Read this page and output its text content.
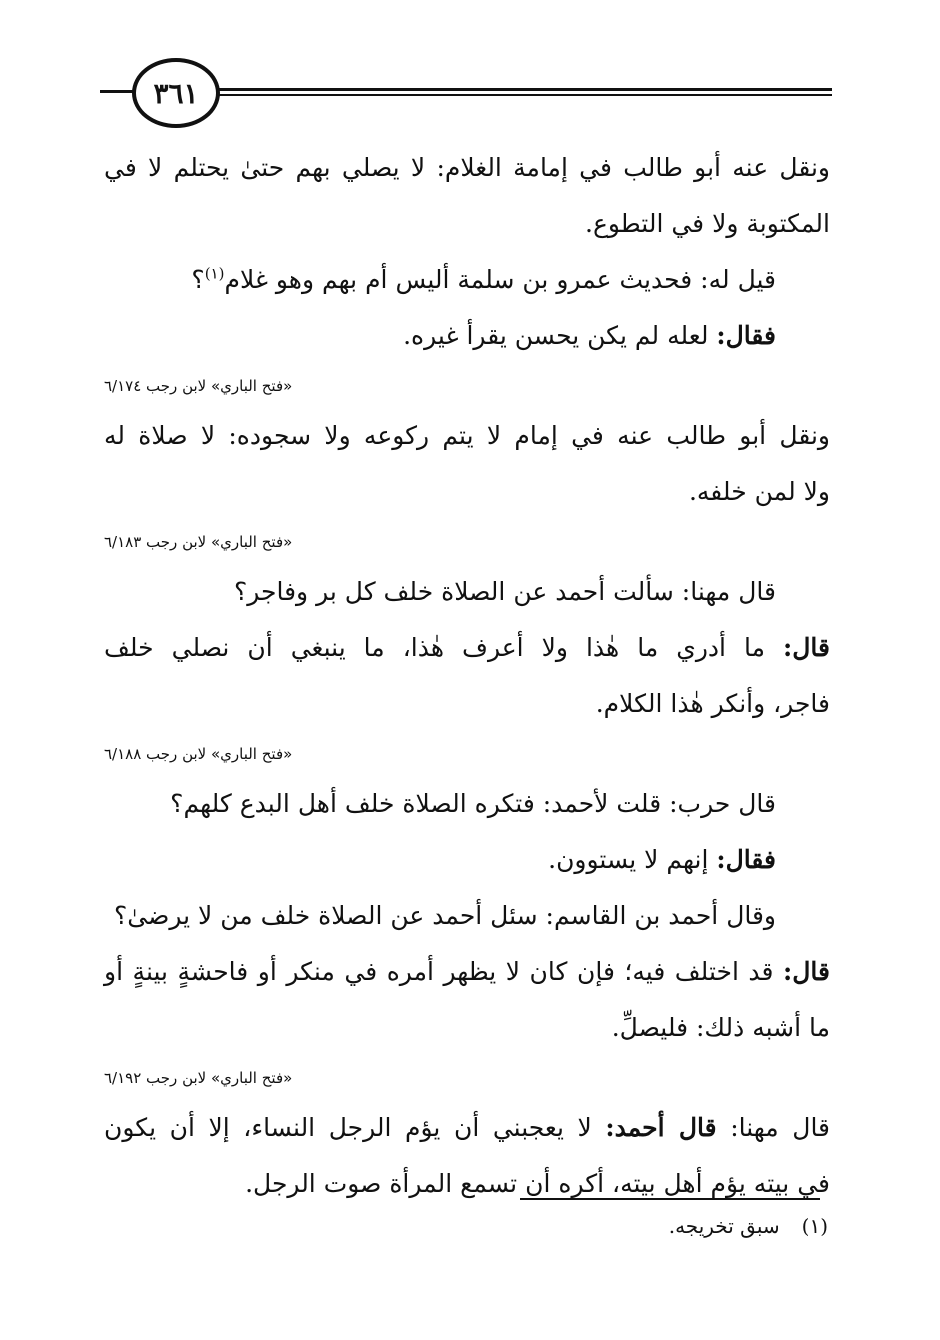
٣٦١

ونقل عنه أبو طالب في إمامة الغلام: لا يصلي بهم حتىٰ يحتلم لا في

المكتوبة ولا في التطوع.

قيل له: فحديث عمرو بن سلمة أليس أم بهم وهو غلام$^{(١)}$؟

فقال: لعله لم يكن يحسن يقرأ غيره.

«فتح الباري» لابن رجب ٦/١٧٤

ونقل أبو طالب عنه في إمام لا يتم ركوعه ولا سجوده: لا صلاة له

ولا لمن خلفه.

«فتح الباري» لابن رجب ٦/١٨٣

قال مهنا: سألت أحمد عن الصلاة خلف كل بر وفاجر؟

قال: ما أدري ما هٰذا ولا أعرف هٰذا، ما ينبغي أن نصلي خلف

فاجر، وأنكر هٰذا الكلام.

«فتح الباري» لابن رجب ٦/١٨٨

قال حرب: قلت لأحمد: فتكره الصلاة خلف أهل البدع كلهم؟

فقال: إنهم لا يستوون.

وقال أحمد بن القاسم: سئل أحمد عن الصلاة خلف من لا يرضىٰ؟

قال: قد اختلف فيه؛ فإن كان لا يظهر أمره في منكر أو فاحشةٍ بينةٍ أو

ما أشبه ذلك: فليصلِّ.

«فتح الباري» لابن رجب ٦/١٩٢

قال مهنا: قال أحمد: لا يعجبني أن يؤم الرجل النساء، إلا أن يكون

في بيته يؤم أهل بيته، أكره أن تسمع المرأة صوت الرجل.

(١)سبق تخريجه.
